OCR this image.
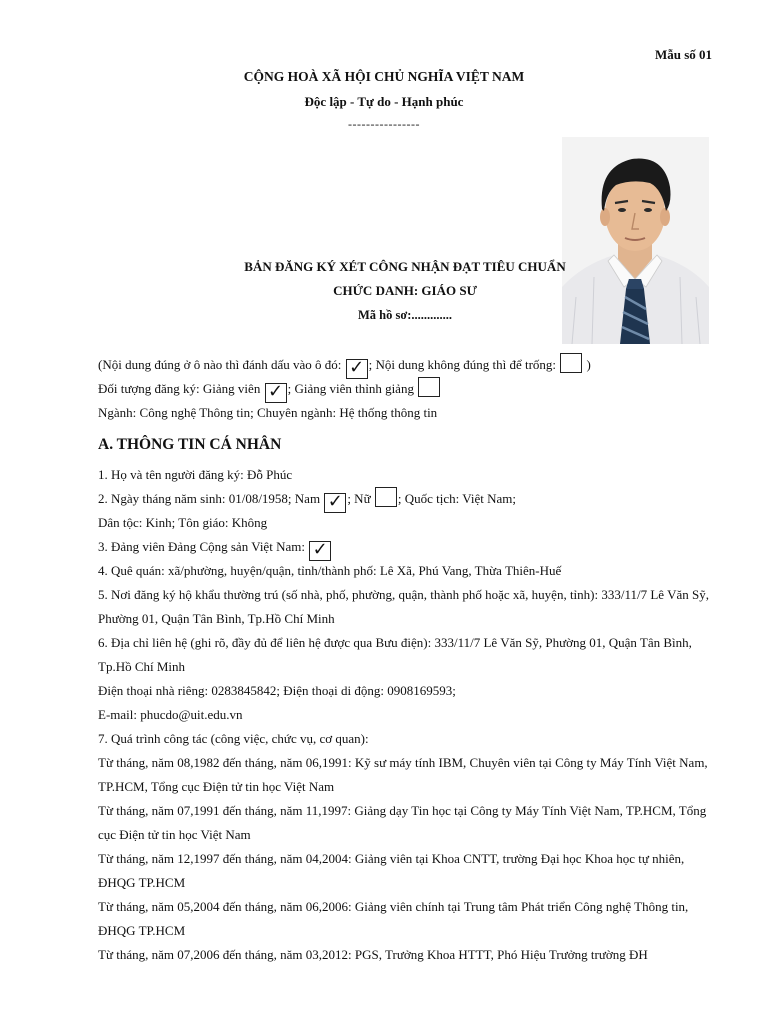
Mẫu số 01
CỘNG HOÀ XÃ HỘI CHỦ NGHĨA VIỆT NAM
Độc lập - Tự do - Hạnh phúc
----------------
BẢN ĐĂNG KÝ XÉT CÔNG NHẬN ĐẠT TIÊU CHUẨN
CHỨC DANH: GIÁO SƯ
Mã hồ sơ:.............
(Nội dung đúng ở ô nào thì đánh dấu vào ô đó: ✓ ; Nội dung không đúng thì để trống:  )
Đối tượng đăng ký: Giảng viên ✓ ; Giảng viên thỉnh giảng
Ngành: Công nghệ Thông tin; Chuyên ngành: Hệ thống thông tin
A. THÔNG TIN CÁ NHÂN
1. Họ và tên người đăng ký: Đỗ Phúc
2. Ngày tháng năm sinh: 01/08/1958; Nam ✓ ; Nữ ; Quốc tịch: Việt Nam;
Dân tộc: Kinh; Tôn giáo: Không
3. Đảng viên Đảng Cộng sản Việt Nam: ✓
4. Quê quán: xã/phường, huyện/quận, tỉnh/thành phố: Lê Xã, Phú Vang, Thừa Thiên-Huế
5. Nơi đăng ký hộ khẩu thường trú (số nhà, phố, phường, quận, thành phố hoặc xã, huyện, tỉnh): 333/11/7 Lê Văn Sỹ, Phường 01, Quận Tân Bình, Tp.Hồ Chí Minh
6. Địa chỉ liên hệ (ghi rõ, đầy đủ để liên hệ được qua Bưu điện): 333/11/7 Lê Văn Sỹ, Phường 01, Quận Tân Bình, Tp.Hồ Chí Minh
Điện thoại nhà riêng: 0283845842; Điện thoại di động: 0908169593;
E-mail: phucdo@uit.edu.vn
7. Quá trình công tác (công việc, chức vụ, cơ quan):
Từ tháng, năm 08,1982 đến tháng, năm 06,1991: Kỹ sư máy tính IBM, Chuyên viên tại Công ty Máy Tính Việt Nam, TP.HCM, Tổng cục Điện tử tin học Việt Nam
Từ tháng, năm 07,1991 đến tháng, năm 11,1997: Giảng dạy Tin học tại Công ty Máy Tính Việt Nam, TP.HCM, Tổng cục Điện tử tin học Việt Nam
Từ tháng, năm 12,1997 đến tháng, năm 04,2004: Giảng viên tại Khoa CNTT, trường Đại học Khoa học tự nhiên, ĐHQG TP.HCM
Từ tháng, năm 05,2004 đến tháng, năm 06,2006: Giảng viên chính tại Trung tâm Phát triển Công nghệ Thông tin, ĐHQG TP.HCM
Từ tháng, năm 07,2006 đến tháng, năm 03,2012: PGS, Trưởng Khoa HTTT, Phó Hiệu Trưởng trường ĐH
